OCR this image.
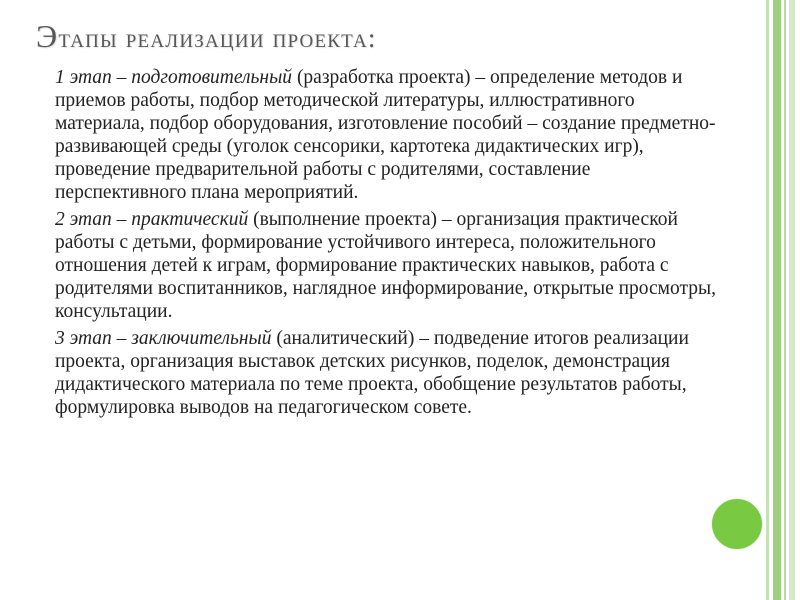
Этапы реализации проекта:
1 этап – подготовительный (разработка проекта) – определение методов и приемов работы, подбор методической литературы, иллюстративного материала, подбор оборудования, изготовление пособий – создание предметно-развивающей среды (уголок сенсорики, картотека дидактических игр), проведение предварительной работы с родителями, составление перспективного плана мероприятий.
2 этап – практический (выполнение проекта) – организация практической работы с детьми, формирование устойчивого интереса, положительного отношения детей к играм, формирование практических навыков, работа с родителями воспитанников, наглядное информирование, открытые просмотры, консультации.
3 этап – заключительный (аналитический) – подведение итогов реализации проекта, организация выставок детских рисунков, поделок, демонстрация дидактического материала по теме проекта, обобщение результатов работы, формулировка выводов на педагогическом совете.
